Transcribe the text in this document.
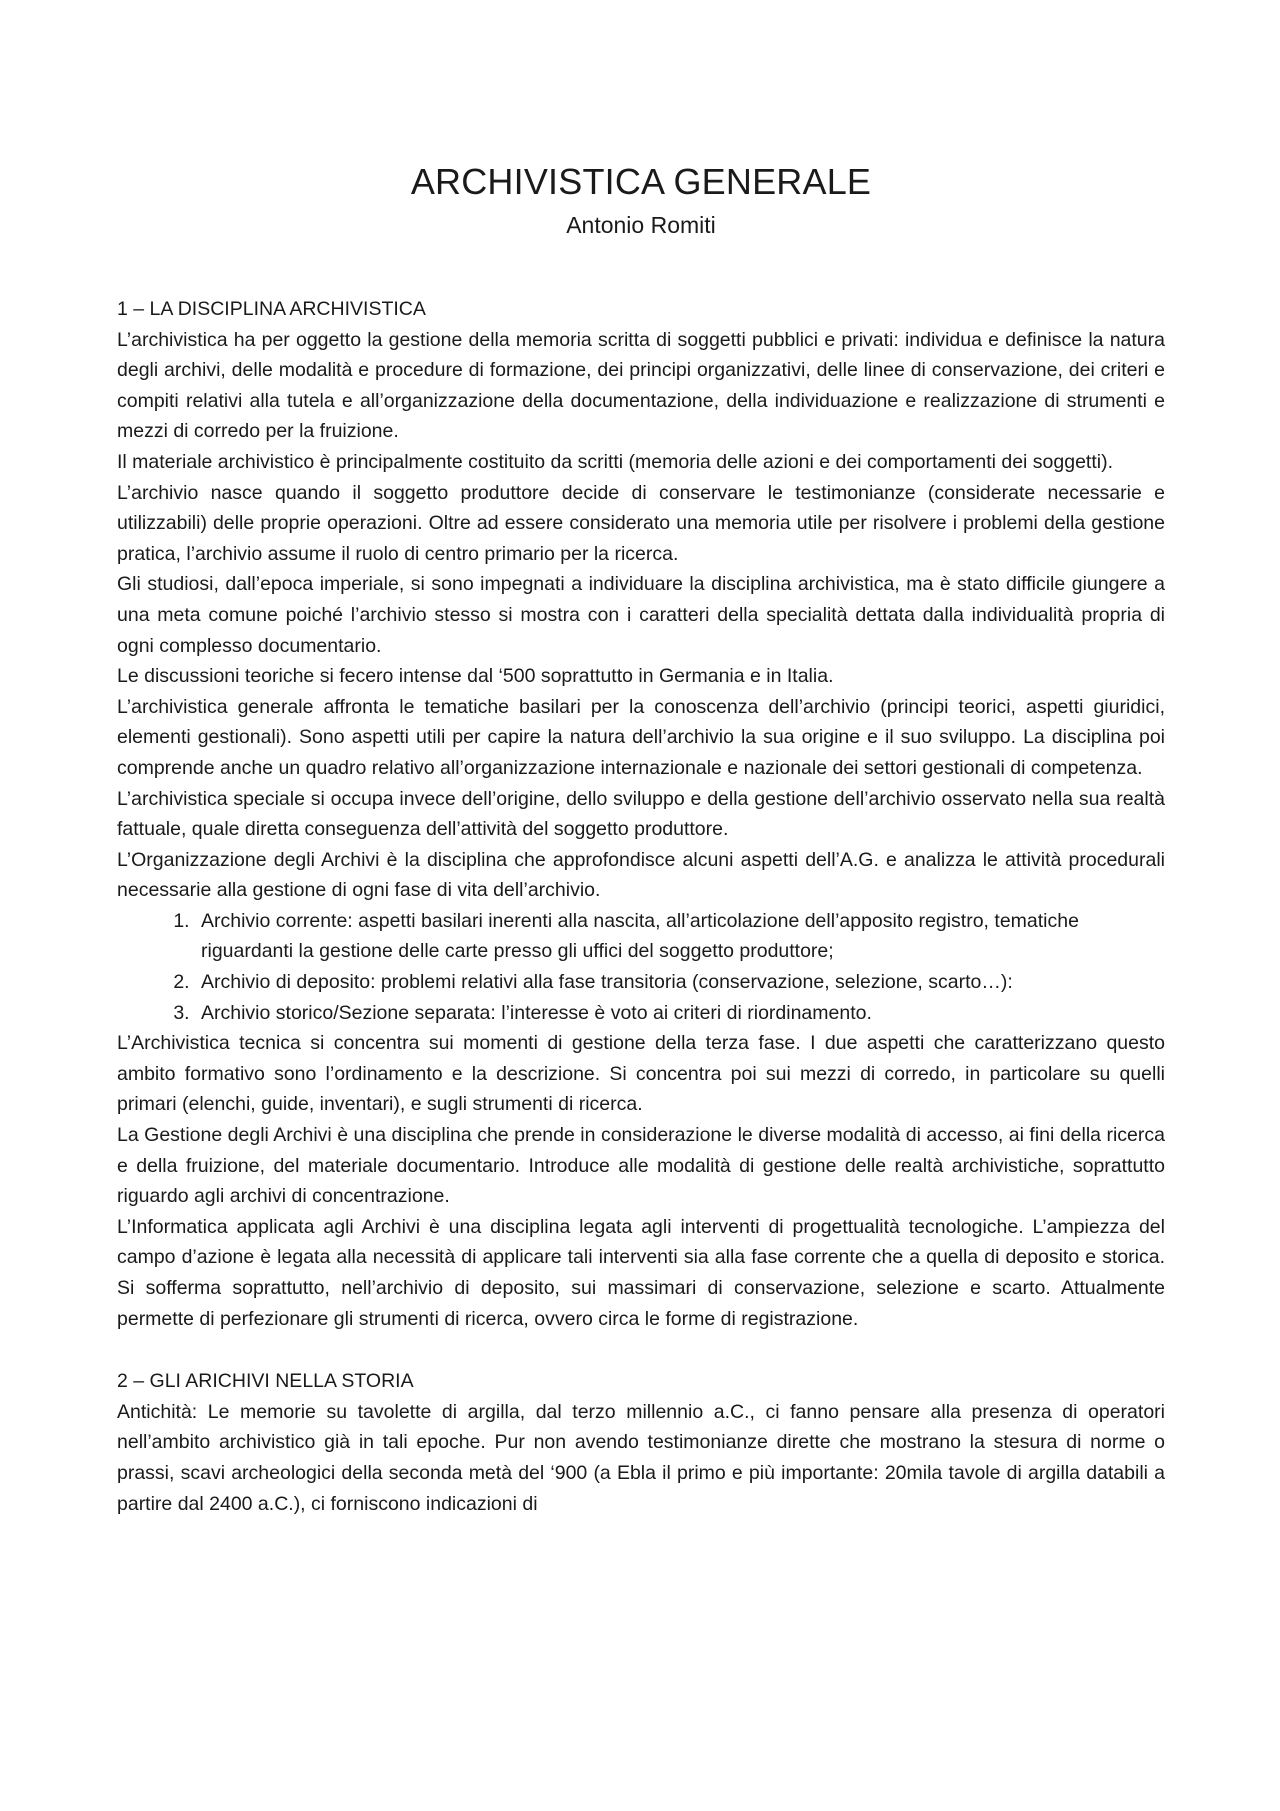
ARCHIVISTICA GENERALE
Antonio Romiti
1 – LA DISCIPLINA ARCHIVISTICA

L’archivistica ha per oggetto la gestione della memoria scritta di soggetti pubblici e privati: individua e definisce la natura degli archivi, delle modalità e procedure di formazione, dei principi organizzativi, delle linee di conservazione, dei criteri e compiti relativi alla tutela e all’organizzazione della documentazione, della individuazione e realizzazione di strumenti e mezzi di corredo per la fruizione.

Il materiale archivistico è principalmente costituito da scritti (memoria delle azioni e dei comportamenti dei soggetti).

L’archivio nasce quando il soggetto produttore decide di conservare le testimonianze (considerate necessarie e utilizzabili) delle proprie operazioni. Oltre ad essere considerato una memoria utile per risolvere i problemi della gestione pratica, l’archivio assume il ruolo di centro primario per la ricerca.

Gli studiosi, dall’epoca imperiale, si sono impegnati a individuare la disciplina archivistica, ma è stato difficile giungere a una meta comune poiché l’archivio stesso si mostra con i caratteri della specialità dettata dalla individualità propria di ogni complesso documentario.

Le discussioni teoriche si fecero intense dal ‘500 soprattutto in Germania e in Italia.

L’archivistica generale affronta le tematiche basilari per la conoscenza dell’archivio (principi teorici, aspetti giuridici, elementi gestionali). Sono aspetti utili per capire la natura dell’archivio la sua origine e il suo sviluppo. La disciplina poi comprende anche un quadro relativo all’organizzazione internazionale e nazionale dei settori gestionali di competenza.

L’archivistica speciale si occupa invece dell’origine, dello sviluppo e della gestione dell’archivio osservato nella sua realtà fattuale, quale diretta conseguenza dell’attività del soggetto produttore.

L’Organizzazione degli Archivi è la disciplina che approfondisce alcuni aspetti dell’A.G. e analizza le attività procedurali necessarie alla gestione di ogni fase di vita dell’archivio.

1. Archivio corrente: aspetti basilari inerenti alla nascita, all’articolazione dell’apposito registro, tematiche riguardanti la gestione delle carte presso gli uffici del soggetto produttore;
2. Archivio di deposito: problemi relativi alla fase transitoria (conservazione, selezione, scarto…):
3. Archivio storico/Sezione separata: l’interesse è voto ai criteri di riordinamento.

L’Archivistica tecnica si concentra sui momenti di gestione della terza fase. I due aspetti che caratterizzano questo ambito formativo sono l’ordinamento e la descrizione. Si concentra poi sui mezzi di corredo, in particolare su quelli primari (elenchi, guide, inventari), e sugli strumenti di ricerca.

La Gestione degli Archivi è una disciplina che prende in considerazione le diverse modalità di accesso, ai fini della ricerca e della fruizione, del materiale documentario. Introduce alle modalità di gestione delle realtà archivistiche, soprattutto riguardo agli archivi di concentrazione.

L’Informatica applicata agli Archivi è una disciplina legata agli interventi di progettualità tecnologiche. L’ampiezza del campo d’azione è legata alla necessità di applicare tali interventi sia alla fase corrente che a quella di deposito e storica. Si sofferma soprattutto, nell’archivio di deposito, sui massimari di conservazione, selezione e scarto. Attualmente permette di perfezionare gli strumenti di ricerca, ovvero circa le forme di registrazione.

2 – GLI ARICHIVI NELLA STORIA

Antichità: Le memorie su tavolette di argilla, dal terzo millennio a.C., ci fanno pensare alla presenza di operatori nell’ambito archivistico già in tali epoche. Pur non avendo testimonianze dirette che mostrano la stesura di norme o prassi, scavi archeologici della seconda metà del ‘900 (a Ebla il primo e più importante: 20mila tavole di argilla databili a partire dal 2400 a.C.), ci forniscono indicazioni di
